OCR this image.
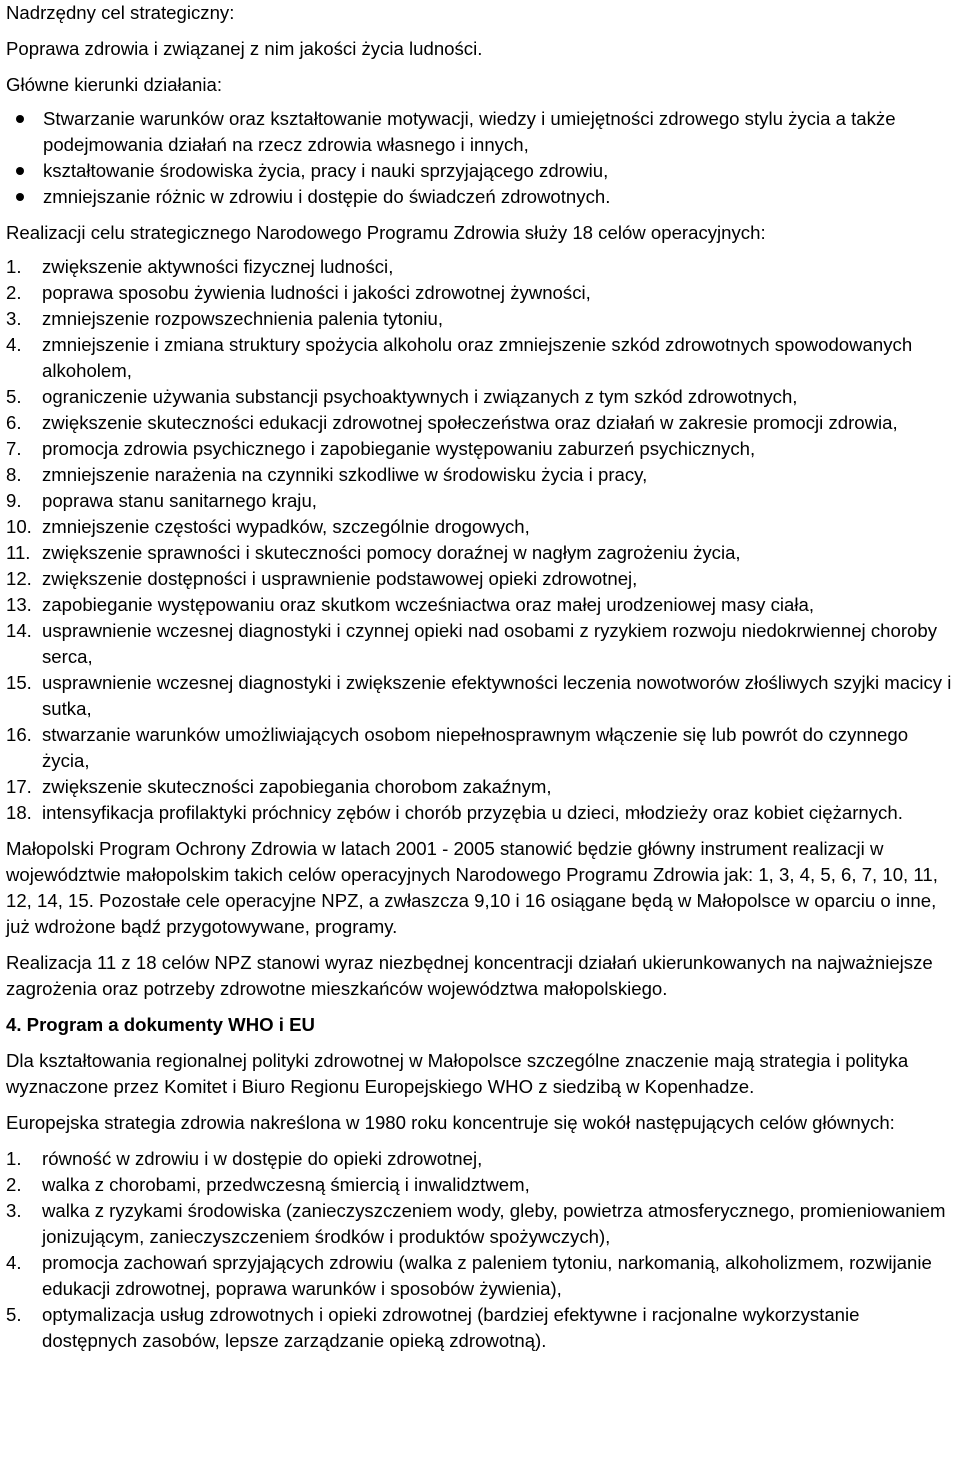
Nadrzędny cel strategiczny:

Poprawa zdrowia i związanej z nim jakości życia ludności.

Główne kierunki działania:

Stwarzanie warunków oraz kształtowanie motywacji, wiedzy i umiejętności zdrowego stylu życia a także podejmowania działań na rzecz zdrowia własnego i innych,
kształtowanie środowiska życia, pracy i nauki sprzyjającego zdrowiu,
zmniejszanie różnic w zdrowiu i dostępie do świadczeń zdrowotnych.

Realizacji celu strategicznego Narodowego Programu Zdrowia służy 18 celów operacyjnych:

1.	zwiększenie aktywności fizycznej ludności,
2.	poprawa sposobu żywienia ludności i jakości zdrowotnej żywności,
3.	zmniejszenie rozpowszechnienia palenia tytoniu,
4.	zmniejszenie i zmiana struktury spożycia alkoholu oraz zmniejszenie szkód zdrowotnych spowodowanych alkoholem,
5.	ograniczenie używania substancji psychoaktywnych i związanych z tym szkód zdrowotnych,
6.	zwiększenie skuteczności edukacji zdrowotnej społeczeństwa oraz działań w zakresie promocji zdrowia,
7.	promocja zdrowia psychicznego i zapobieganie występowaniu zaburzeń psychicznych,
8.	zmniejszenie narażenia na czynniki szkodliwe w środowisku życia i pracy,
9.	poprawa stanu sanitarnego kraju,
10. zmniejszenie częstości wypadków, szczególnie drogowych,
11. zwiększenie sprawności i skuteczności pomocy doraźnej w nagłym zagrożeniu życia,
12. zwiększenie dostępności i usprawnienie podstawowej opieki zdrowotnej,
13. zapobieganie występowaniu oraz skutkom wcześniactwa oraz małej urodzeniowej masy ciała,
14. usprawnienie wczesnej diagnostyki i czynnej opieki nad osobami z ryzykiem rozwoju niedokrwiennej choroby serca,
15. usprawnienie wczesnej diagnostyki i zwiększenie efektywności leczenia nowotworów złośliwych szyjki macicy i sutka,
16. stwarzanie warunków umożliwiających osobom niepełnosprawnym włączenie się lub powrót do czynnego życia,
17. zwiększenie skuteczności zapobiegania chorobom zakaźnym,
18. intensyfikacja profilaktyki próchnicy zębów i chorób przyzębia u dzieci, młodzieży oraz kobiet ciężarnych.

Małopolski Program Ochrony Zdrowia w latach 2001 - 2005 stanowić będzie główny instrument realizacji w województwie małopolskim takich celów operacyjnych Narodowego Programu Zdrowia jak: 1, 3, 4, 5, 6, 7, 10, 11, 12, 14, 15. Pozostałe cele operacyjne NPZ, a zwłaszcza 9,10 i 16 osiągane będą w Małopolsce w oparciu o inne, już wdrożone bądź przygotowywane, programy.

Realizacja 11 z 18 celów NPZ stanowi wyraz niezbędnej koncentracji działań ukierunkowanych na najważniejsze zagrożenia oraz potrzeby zdrowotne mieszkańców województwa małopolskiego.

4. Program a dokumenty WHO i EU

Dla kształtowania regionalnej polityki zdrowotnej w Małopolsce szczególne znaczenie mają strategia i polityka wyznaczone przez Komitet i Biuro Regionu Europejskiego WHO z siedzibą w Kopenhadze.

Europejska strategia zdrowia nakreślona w 1980 roku koncentruje się wokół następujących celów głównych:

1.	równość w zdrowiu i w dostępie do opieki zdrowotnej,
2.	walka z chorobami, przedwczesną śmiercią i inwalidztwem,
3.	walka z ryzykami środowiska (zanieczyszczeniem wody, gleby, powietrza atmosferycznego, promieniowaniem jonizującym, zanieczyszczeniem środków i produktów spożywczych),
4.	promocja zachowań sprzyjających zdrowiu (walka z paleniem tytoniu, narkomanią, alkoholizmem, rozwijanie edukacji zdrowotnej, poprawa warunków i sposobów żywienia),
5.	optymalizacja usług zdrowotnych i opieki zdrowotnej (bardziej efektywne i racjonalne wykorzystanie dostępnych zasobów, lepsze zarządzanie opieką zdrowotną).
